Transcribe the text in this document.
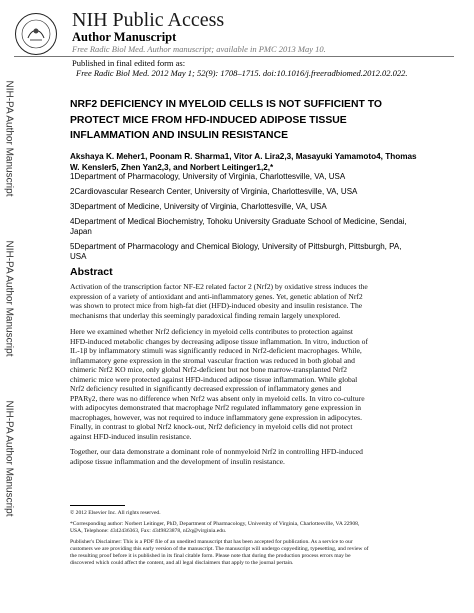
NIH Public Access
Author Manuscript
Free Radic Biol Med. Author manuscript; available in PMC 2013 May 10.
Published in final edited form as:
Free Radic Biol Med. 2012 May 1; 52(9): 1708–1715. doi:10.1016/j.freeradbiomed.2012.02.022.
NIH-PA Author Manuscript
NIH-PA Author Manuscript
NIH-PA Author Manuscript
NRF2 DEFICIENCY IN MYELOID CELLS IS NOT SUFFICIENT TO
PROTECT MICE FROM HFD-INDUCED ADIPOSE TISSUE
INFLAMMATION AND INSULIN RESISTANCE
Akshaya K. Meher1, Poonam R. Sharma1, Vitor A. Lira2,3, Masayuki Yamamoto4, Thomas
W. Kensler5, Zhen Yan2,3, and Norbert Leitinger1,2,*
1Department of Pharmacology, University of Virginia, Charlottesville, VA, USA
2Cardiovascular Research Center, University of Virginia, Charlottesville, VA, USA
3Department of Medicine, University of Virginia, Charlottesville, VA, USA
4Department of Medical Biochemistry, Tohoku University Graduate School of Medicine, Sendai,
Japan
5Department of Pharmacology and Chemical Biology, University of Pittsburgh, Pittsburgh, PA,
USA
Abstract
Activation of the transcription factor NF-E2 related factor 2 (Nrf2) by oxidative stress induces the
expression of a variety of antioxidant and anti-inflammatory genes. Yet, genetic ablation of Nrf2
was shown to protect mice from high-fat diet (HFD)-induced obesity and insulin resistance. The
mechanisms that underlay this seemingly paradoxical finding remain largely unexplored.
Here we examined whether Nrf2 deficiency in myeloid cells contributes to protection against
HFD-induced metabolic changes by decreasing adipose tissue inflammation. In vitro, induction of
IL-1β by inflammatory stimuli was significantly reduced in Nrf2-deficient macrophages. While,
inflammatory gene expression in the stromal vascular fraction was reduced in both global and
chimeric Nrf2 KO mice, only global Nrf2-deficient but not bone marrow-transplanted Nrf2
chimeric mice were protected against HFD-induced adipose tissue inflammation. While global
Nrf2 deficiency resulted in significantly decreased expression of inflammatory genes and
PPARγ2, there was no difference when Nrf2 was absent only in myeloid cells. In vitro co-culture
with adipocytes demonstrated that macrophage Nrf2 regulated inflammatory gene expression in
macrophages, however, was not required to induce inflammatory gene expression in adipocytes.
Finally, in contrast to global Nrf2 knock-out, Nrf2 deficiency in myeloid cells did not protect
against HFD-induced insulin resistance.
Together, our data demonstrate a dominant role of nonmyeloid Nrf2 in controlling HFD-induced
adipose tissue inflammation and the development of insulin resistance.
© 2012 Elsevier Inc. All rights reserved.
*Corresponding author: Norbert Leitinger, PhD, Department of Pharmacology, University of Virginia, Charlottesville, VA 22908,
USA, Telephone: 4342436363, Fax: 4349823878, nl2q@virginia.edu.
Publisher's Disclaimer: This is a PDF file of an unedited manuscript that has been accepted for publication. As a service to our
customers we are providing this early version of the manuscript. The manuscript will undergo copyediting, typesetting, and review of
the resulting proof before it is published in its final citable form. Please note that during the production process errors may be
discovered which could affect the content, and all legal disclaimers that apply to the journal pertain.
